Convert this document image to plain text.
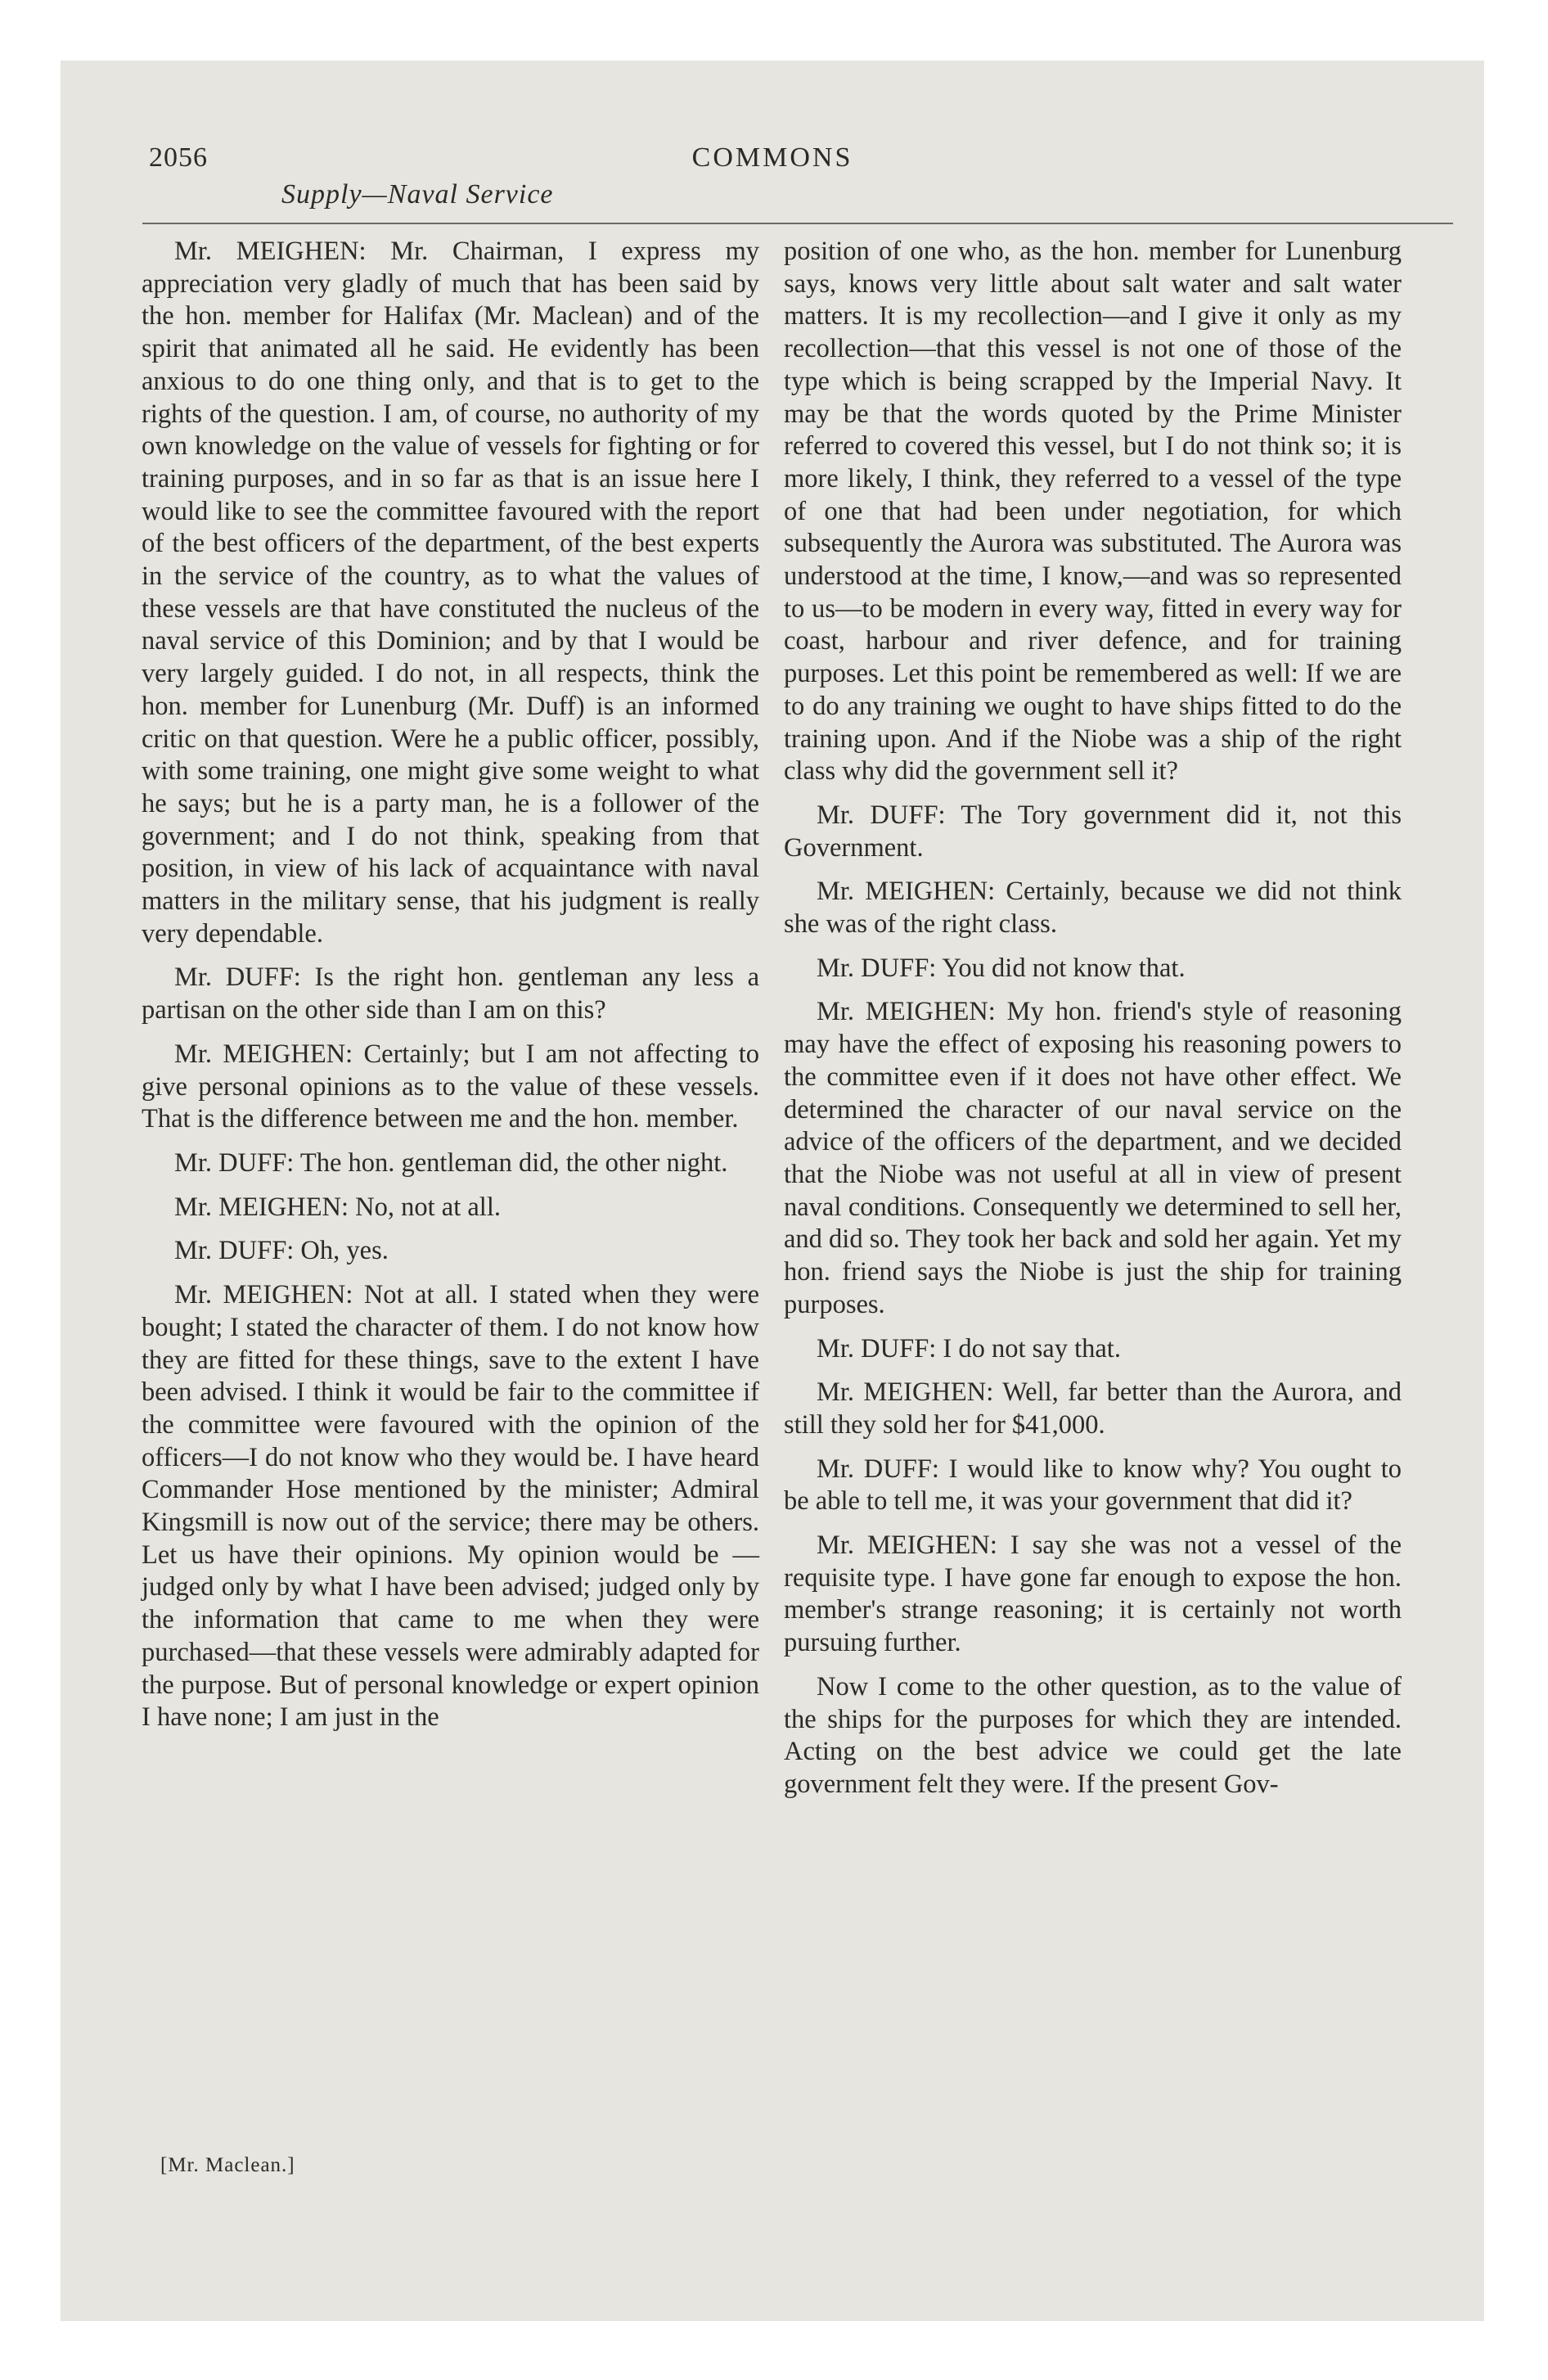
2056
Supply—Naval Service
COMMONS

Mr. MEIGHEN: Mr. Chairman, I express my appreciation very gladly of much that has been said by the hon. member for Halifax (Mr. Maclean) and of the spirit that animated all he said. He evidently has been anxious to do one thing only, and that is to get to the rights of the question. I am, of course, no authority of my own knowledge on the value of vessels for fighting or for training purposes, and in so far as that is an issue here I would like to see the committee favoured with the report of the best officers of the department, of the best experts in the service of the country, as to what the values of these vessels are that have constituted the nucleus of the naval service of this Dominion; and by that I would be very largely guided. I do not, in all respects, think the hon. member for Lunenburg (Mr. Duff) is an informed critic on that question. Were he a public officer, possibly, with some training, one might give some weight to what he says; but he is a party man, he is a follower of the government; and I do not think, speaking from that position, in view of his lack of acquaintance with naval matters in the military sense, that his judgment is really very dependable.

Mr. DUFF: Is the right hon. gentleman any less a partisan on the other side than I am on this?

Mr. MEIGHEN: Certainly; but I am not affecting to give personal opinions as to the value of these vessels. That is the difference between me and the hon. member.

Mr. DUFF: The hon. gentleman did, the other night.

Mr. MEIGHEN: No, not at all.

Mr. DUFF: Oh, yes.

Mr. MEIGHEN: Not at all. I stated when they were bought; I stated the character of them. I do not know how they are fitted for these things, save to the extent I have been advised. I think it would be fair to the committee if the committee were favoured with the opinion of the officers—I do not know who they would be. I have heard Commander Hose mentioned by the minister; Admiral Kingsmill is now out of the service; there may be others. Let us have their opinions. My opinion would be —judged only by what I have been advised; judged only by the information that came to me when they were purchased—that these vessels were admirably adapted for the purpose. But of personal knowledge or expert opinion I have none; I am just in the

position of one who, as the hon. member for Lunenburg says, knows very little about salt water and salt water matters. It is my recollection—and I give it only as my recollection—that this vessel is not one of those of the type which is being scrapped by the Imperial Navy. It may be that the words quoted by the Prime Minister referred to covered this vessel, but I do not think so; it is more likely, I think, they referred to a vessel of the type of one that had been under negotiation, for which subsequently the Aurora was substituted. The Aurora was understood at the time, I know,—and was so represented to us—to be modern in every way, fitted in every way for coast, harbour and river defence, and for training purposes. Let this point be remembered as well: If we are to do any training we ought to have ships fitted to do the training upon. And if the Niobe was a ship of the right class why did the government sell it?

Mr. DUFF: The Tory government did it, not this Government.

Mr. MEIGHEN: Certainly, because we did not think she was of the right class.

Mr. DUFF: You did not know that.

Mr. MEIGHEN: My hon. friend's style of reasoning may have the effect of exposing his reasoning powers to the committee even if it does not have other effect. We determined the character of our naval service on the advice of the officers of the department, and we decided that the Niobe was not useful at all in view of present naval conditions. Consequently we determined to sell her, and did so. They took her back and sold her again. Yet my hon. friend says the Niobe is just the ship for training purposes.

Mr. DUFF: I do not say that.

Mr. MEIGHEN: Well, far better than the Aurora, and still they sold her for $41,000.

Mr. DUFF: I would like to know why? You ought to be able to tell me, it was your government that did it?

Mr. MEIGHEN: I say she was not a vessel of the requisite type. I have gone far enough to expose the hon. member's strange reasoning; it is certainly not worth pursuing further.

Now I come to the other question, as to the value of the ships for the purposes for which they are intended. Acting on the best advice we could get the late government felt they were. If the present Gov-

[Mr. Maclean.]
